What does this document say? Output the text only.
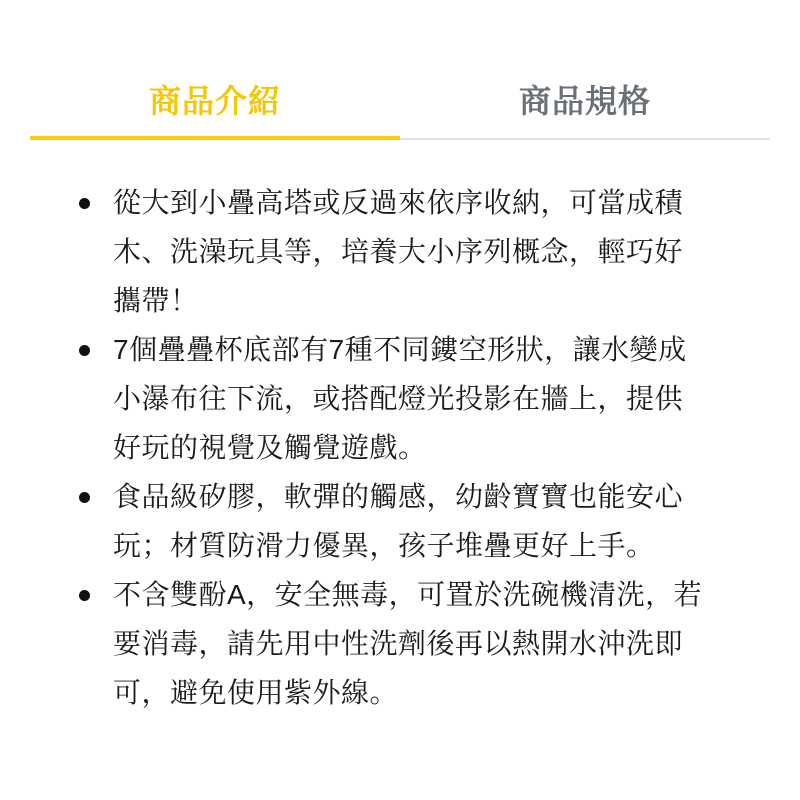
商品介紹	商品規格
從大到小疊高塔或反過來依序收納，可當成積
木、洗澡玩具等，培養大小序列概念，輕巧好
攜帶！
7個疊疊杯底部有7種不同鏤空形狀，讓水變成
小瀑布往下流，或搭配燈光投影在牆上，提供
好玩的視覺及觸覺遊戲。
食品級矽膠，軟彈的觸感，幼齡寶寶也能安心
玩；材質防滑力優異，孩子堆疊更好上手。
不含雙酚A，安全無毒，可置於洗碗機清洗，若
要消毒，請先用中性洗劑後再以熱開水沖洗即
可，避免使用紫外線。
